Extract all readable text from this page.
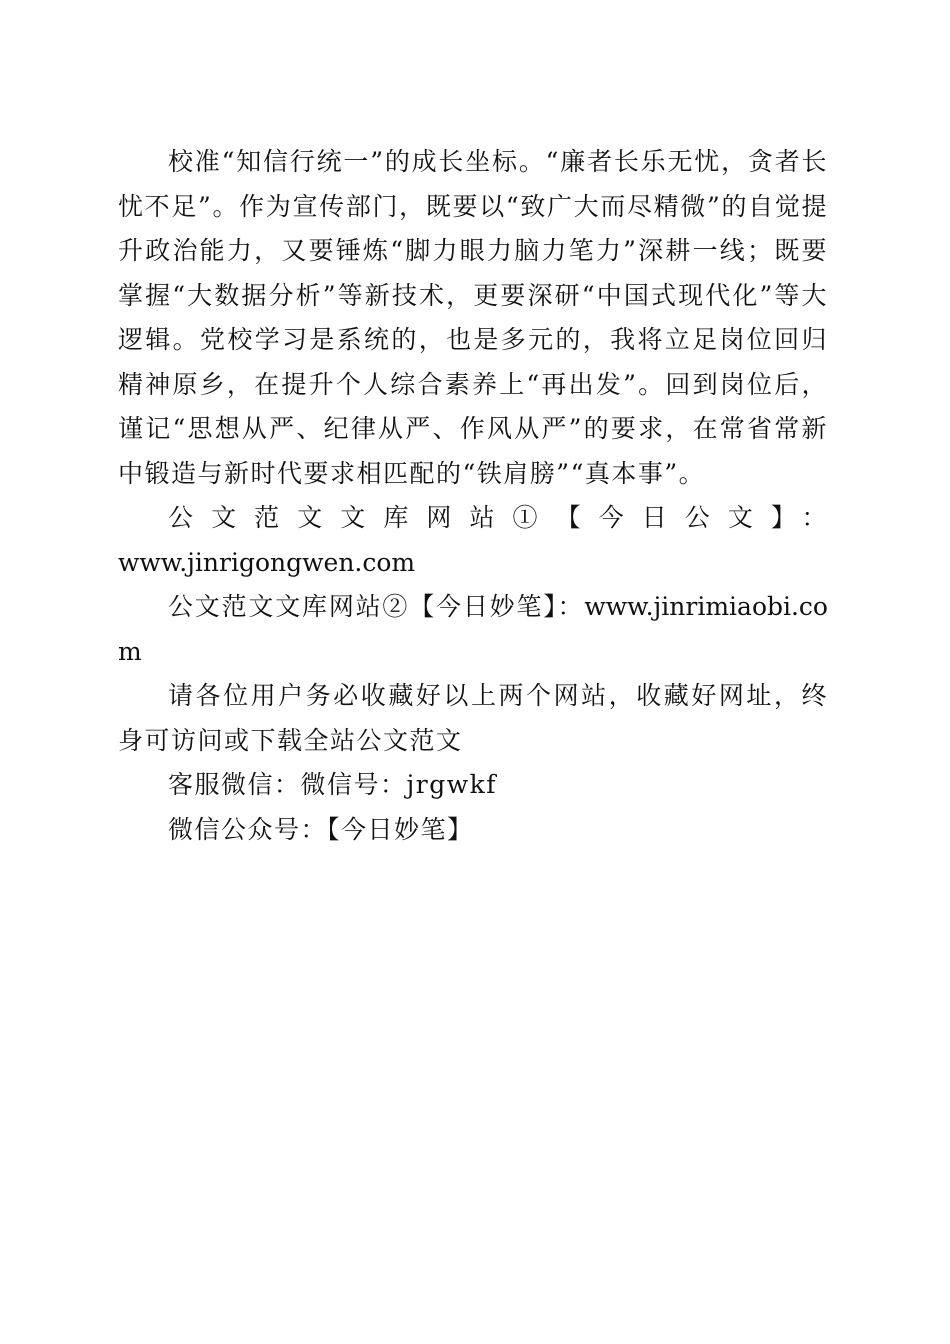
校准“知信行统一”的成长坐标。“廉者长乐无忧，贪者长忧不足”。作为宣传部门，既要以“致广大而尽精微”的自觉提升政治能力，又要锤炼“脚力眼力脑力笔力”深耕一线；既要掌握“大数据分析”等新技术，更要深研“中国式现代化”等大逻辑。党校学习是系统的，也是多元的，我将立足岗位回归精神原乡，在提升个人综合素养上“再出发”。回到岗位后，谨记“思想从严、纪律从严、作风从严”的要求，在常省常新中锻造与新时代要求相匹配的“铁肩膀”“真本事”。

公文范文文库网站①【今日公文】：

www.jinrigongwen.com

公文范文文库网站②【今日妙笔】：www.jinrimiaobi.com

请各位用户务必收藏好以上两个网站，收藏好网址，终身可访问或下载全站公文范文

客服微信：微信号：jrgwkf

微信公众号：【今日妙笔】
